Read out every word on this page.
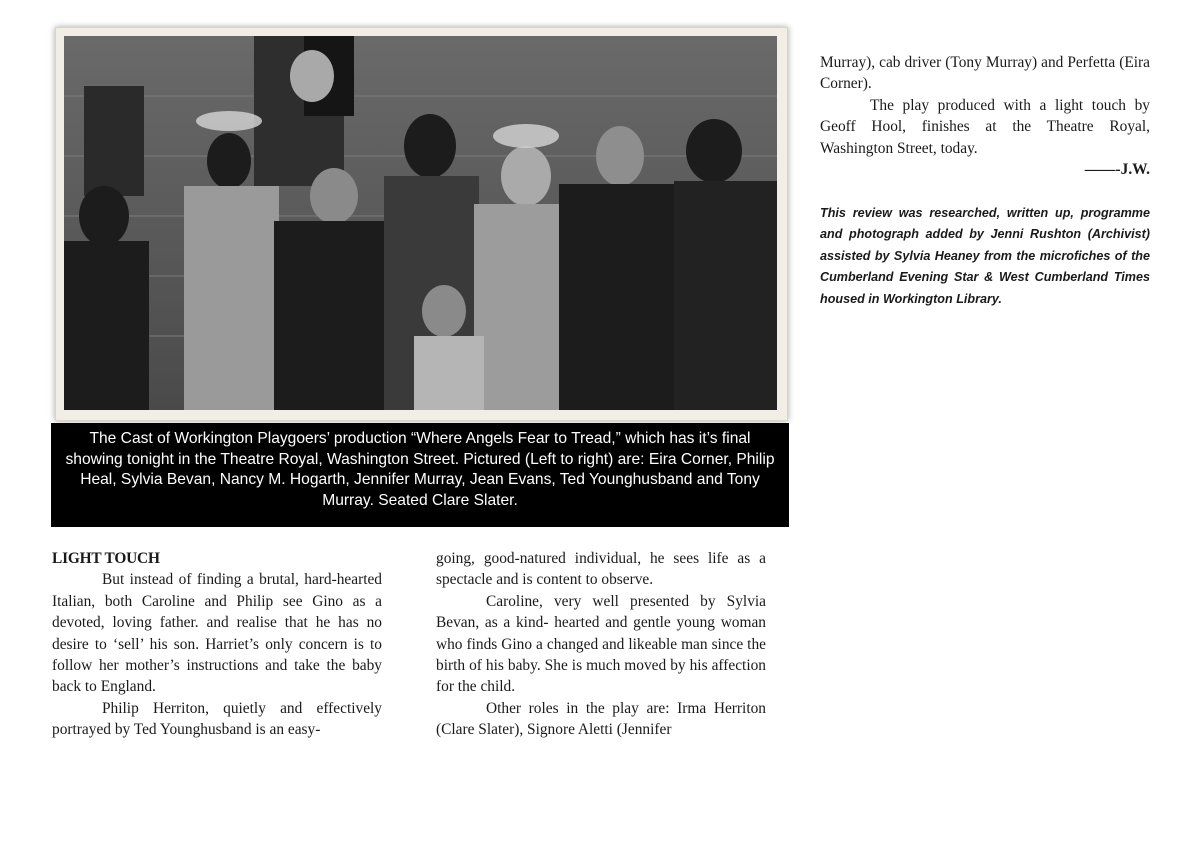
The Cast of Workington Playgoers’ production “Where Angels Fear to Tread,” which has it’s final showing tonight in the Theatre Royal, Washington Street. Pictured (Left to right) are: Eira Corner, Philip Heal, Sylvia Bevan, Nancy M. Hogarth, Jennifer Murray, Jean Evans, Ted Younghusband and Tony Murray. Seated Clare Slater.

LIGHT TOUCH

But instead of finding a brutal, hard-hearted Italian, both Caroline and Philip see Gino as a devoted, loving father. and realise that he has no desire to ‘sell’ his son. Harriet’s only concern is to follow her mother’s instructions and take the baby back to England.

Philip Herriton, quietly and effectively portrayed by Ted Younghusband is an easy-

going, good-natured individual, he sees life as a spectacle and is content to observe.

Caroline, very well presented by Sylvia Bevan, as a kind- hearted and gentle young woman who finds Gino a changed and likeable man since the birth of his baby. She is much moved by his affection for the child.

Other roles in the play are: Irma Herriton (Clare Slater), Signore Aletti (Jennifer

Murray), cab driver (Tony Murray) and Perfetta (Eira Corner).

The play produced with a light touch by Geoff Hool, finishes at the Theatre Royal, Washington Street, today.

––––-J.W.

This review was researched, written up, programme and photograph added by Jenni Rushton (Archivist) assisted by Sylvia Heaney from the microfiches of the Cumberland Evening Star & West Cumberland Times housed in Workington Library.
